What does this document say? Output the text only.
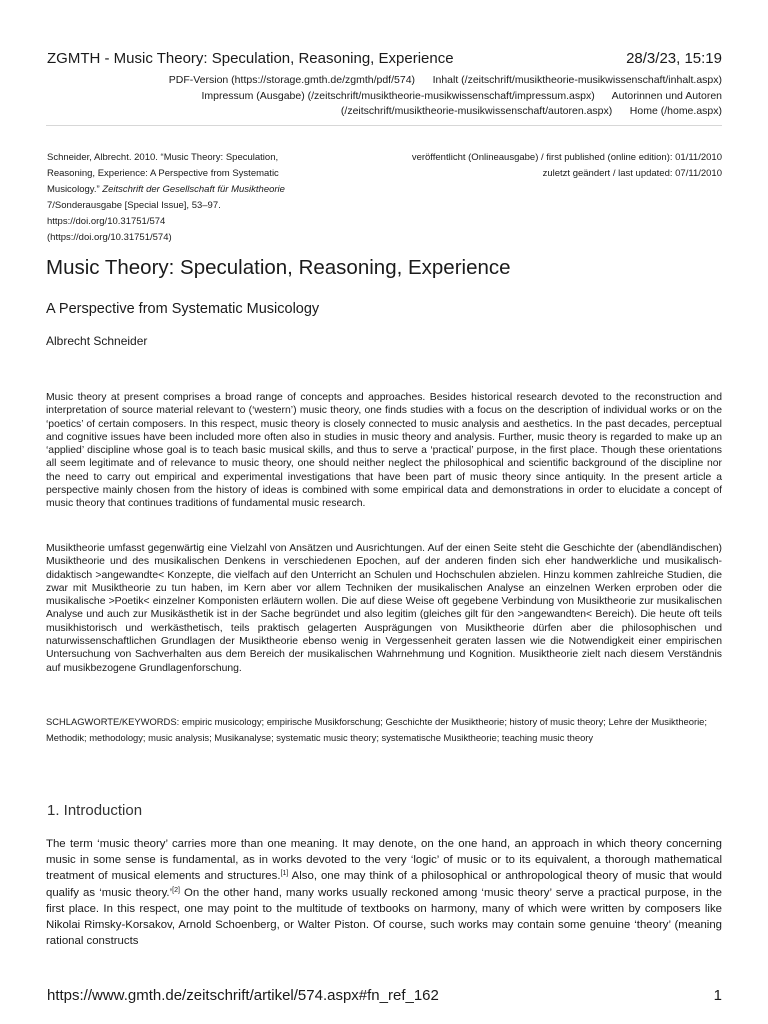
ZGMTH - Music Theory: Speculation, Reasoning, Experience	28/3/23, 15:19
PDF-Version (https://storage.gmth.de/zgmth/pdf/574) Inhalt (/zeitschrift/musiktheorie-musikwissenschaft/inhalt.aspx)
Impressum (Ausgabe) (/zeitschrift/musiktheorie-musikwissenschaft/impressum.aspx) Autorinnen und Autoren
(/zeitschrift/musiktheorie-musikwissenschaft/autoren.aspx) Home (/home.aspx)
Schneider, Albrecht. 2010. “Music Theory: Speculation,
Reasoning, Experience: A Perspective from Systematic
Musicology.” Zeitschrift der Gesellschaft für Musiktheorie
7/Sonderausgabe [Special Issue], 53–97.
https://doi.org/10.31751/574
(https://doi.org/10.31751/574)
veröffentlicht (Onlineausgabe) / first published (online edition): 01/11/2010
zuletzt geändert / last updated: 07/11/2010
Music Theory: Speculation, Reasoning, Experience
A Perspective from Systematic Musicology
Albrecht Schneider
Music theory at present comprises a broad range of concepts and approaches. Besides historical research devoted to the reconstruction and interpretation of source material relevant to (‘western’) music theory, one finds studies with a focus on the description of individual works or on the ‘poetics’ of certain composers. In this respect, music theory is closely connected to music analysis and aesthetics. In the past decades, perceptual and cognitive issues have been included more often also in studies in music theory and analysis. Further, music theory is regarded to make up an ‘applied’ discipline whose goal is to teach basic musical skills, and thus to serve a ‘practical’ purpose, in the first place. Though these orientations all seem legitimate and of relevance to music theory, one should neither neglect the philosophical and scientific background of the discipline nor the need to carry out empirical and experimental investigations that have been part of music theory since antiquity. In the present article a perspective mainly chosen from the history of ideas is combined with some empirical data and demonstrations in order to elucidate a concept of music theory that continues traditions of fundamental music research.
Musiktheorie umfasst gegenwärtig eine Vielzahl von Ansätzen und Ausrichtungen. Auf der einen Seite steht die Geschichte der (abendländischen) Musiktheorie und des musikalischen Denkens in verschiedenen Epochen, auf der anderen finden sich eher handwerkliche und musikalisch-didaktisch >angewandte< Konzepte, die vielfach auf den Unterricht an Schulen und Hochschulen abzielen. Hinzu kommen zahlreiche Studien, die zwar mit Musiktheorie zu tun haben, im Kern aber vor allem Techniken der musikalischen Analyse an einzelnen Werken erproben oder die musikalische >Poetik< einzelner Komponisten erläutern wollen. Die auf diese Weise oft gegebene Verbindung von Musiktheorie zur musikalischen Analyse und auch zur Musikästhetik ist in der Sache begründet und also legitim (gleiches gilt für den >angewandten< Bereich). Die heute oft teils musikhistorisch und werkästhetisch, teils praktisch gelagerten Ausprägungen von Musiktheorie dürfen aber die philosophischen und naturwissenschaftlichen Grundlagen der Musiktheorie ebenso wenig in Vergessenheit geraten lassen wie die Notwendigkeit einer empirischen Untersuchung von Sachverhalten aus dem Bereich der musikalischen Wahrnehmung und Kognition. Musiktheorie zielt nach diesem Verständnis auf musikbezogene Grundlagenforschung.
SCHLAGWORTE/KEYWORDS: empiric musicology; empirische Musikforschung; Geschichte der Musiktheorie; history of music theory; Lehre der Musiktheorie; Methodik; methodology; music analysis; Musikanalyse; systematic music theory; systematische Musiktheorie; teaching music theory
1. Introduction
The term ‘music theory’ carries more than one meaning. It may denote, on the one hand, an approach in which theory concerning music in some sense is fundamental, as in works devoted to the very ‘logic’ of music or to its equivalent, a thorough mathematical treatment of musical elements and structures.[1] Also, one may think of a philosophical or anthropological theory of music that would qualify as ‘music theory.’[2] On the other hand, many works usually reckoned among ‘music theory’ serve a practical purpose, in the first place. In this respect, one may point to the multitude of textbooks on harmony, many of which were written by composers like Nikolai Rimsky-Korsakov, Arnold Schoenberg, or Walter Piston. Of course, such works may contain some genuine ‘theory’ (meaning rational constructs
https://www.gmth.de/zeitschrift/artikel/574.aspx#fn_ref_162	1
